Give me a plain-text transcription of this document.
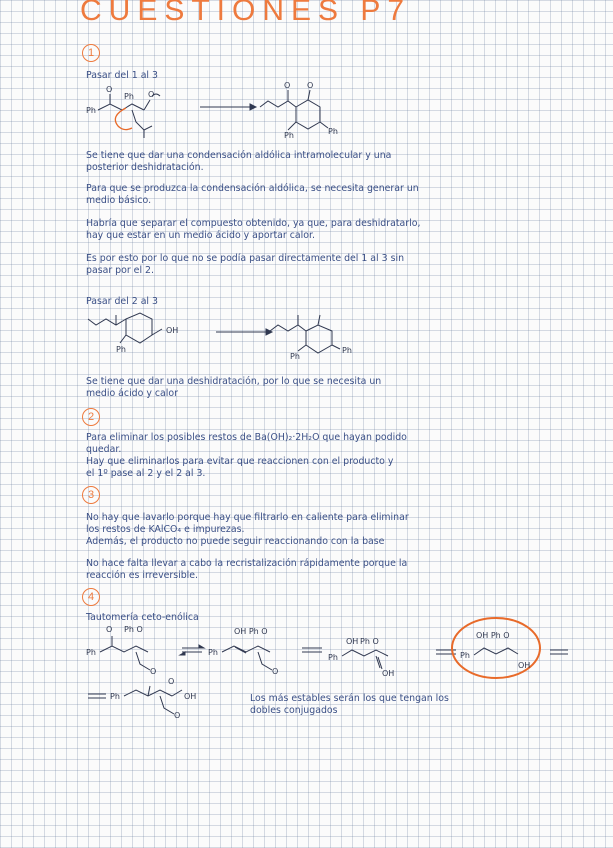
CUESTIONES P7
1
Pasar del 1 al 3
Ph
O
Ph O
O O
Ph
Ph
Se tiene que dar una condensación aldólica intramolecular y una
posterior deshidratación.
Para que se produzca la condensación aldólica, se necesita generar un
medio básico.
Habría que separar el compuesto obtenido, ya que, para deshidratarlo,
hay que estar en un medio ácido y aportar calor.
Es por esto por lo que no se podía pasar directamente del 1 al 3 sin
pasar por el 2.
Pasar del 2 al 3
OH
Ph	Ph
Ph
Se tiene que dar una deshidratación, por lo que se necesita un
medio ácido y calor
2
Para eliminar los posibles restos de Ba(OH)₂·2H₂O que hayan podido
quedar.
Hay que eliminarlos para evitar que reaccionen con el producto y
el 1º pase al 2 y el 2 al 3.
3
No hay que lavarlo porque hay que filtrarlo en caliente para eliminar
los restos de KAlCO₄ e impurezas.
Además, el producto no puede seguir reaccionando con la base
No hace falta llevar a cabo la recristalización rápidamente porque la
reacción es irreversible.
4
Tautomería ceto-enólica
O Ph O
Ph
O
OH Ph O
Ph
O
Ph O
OH
Ph
OH
OH Ph O
Ph
OH
Ph
O
OH
O
Los más estables serán los que tengan los
dobles conjugados
